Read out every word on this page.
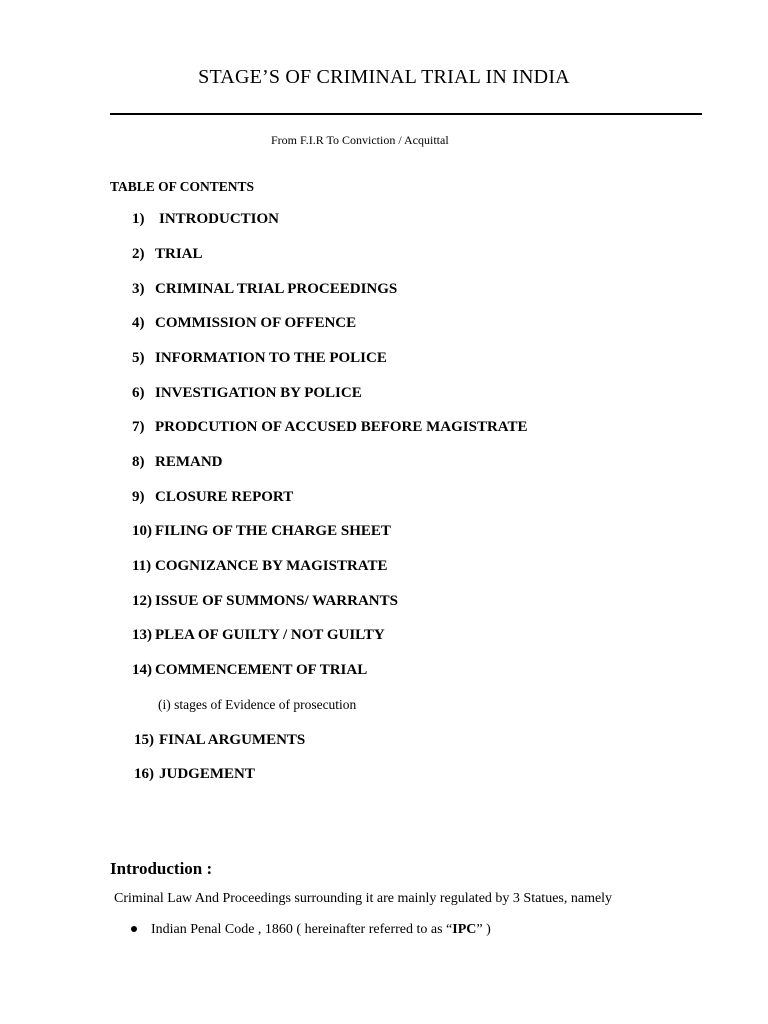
STAGE’S OF CRIMINAL TRIAL IN INDIA
From F.I.R To Conviction / Acquittal
TABLE OF CONTENTS
1) INTRODUCTION
2) TRIAL
3) CRIMINAL TRIAL PROCEEDINGS
4) COMMISSION OF OFFENCE
5) INFORMATION TO THE POLICE
6) INVESTIGATION BY POLICE
7) PRODCUTION OF ACCUSED BEFORE MAGISTRATE
8) REMAND
9) CLOSURE REPORT
10) FILING OF THE CHARGE SHEET
11) COGNIZANCE BY MAGISTRATE
12) ISSUE OF SUMMONS/ WARRANTS
13) PLEA OF GUILTY / NOT GUILTY
14) COMMENCEMENT OF TRIAL
(i) stages of Evidence of prosecution
15) FINAL ARGUMENTS
16) JUDGEMENT
Introduction :
Criminal Law And Proceedings surrounding it are mainly regulated by 3 Statues, namely
Indian Penal Code , 1860 ( hereinafter referred to as “IPC” )
